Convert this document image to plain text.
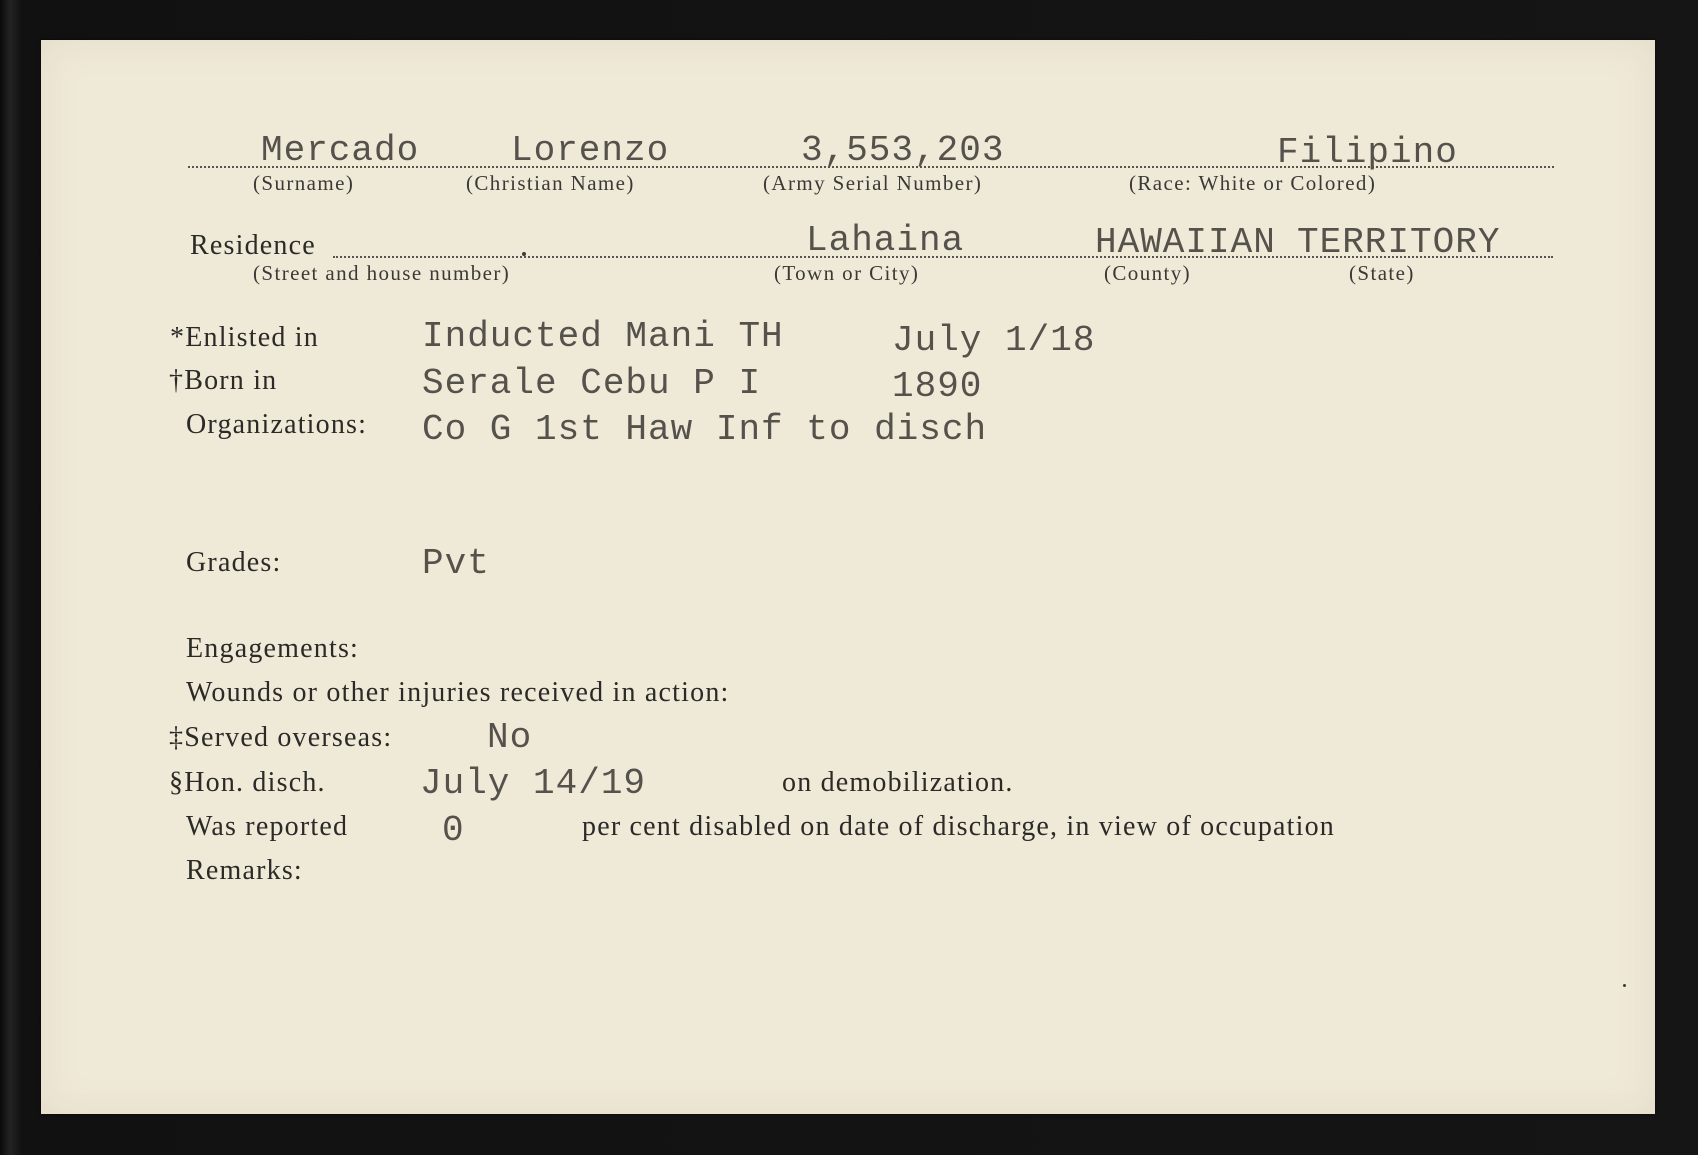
Mercado	Lorenzo	3,553,203	Filipino
(Surname)	(Christian Name)	(Army Serial Number)	(Race: White or Colored)
Residence	Lahaina	HAWAIIAN TERRITORY
(Street and house number)	(Town or City)	(County)	(State)
*Enlisted in	Inducted Mani TH	July 1/18
†Born in	Serale Cebu P I	1890
Organizations: Co G 1st Haw Inf to disch
Grades:	Pvt
Engagements:
Wounds or other injuries received in action:
‡Served overseas:	No
§Hon. disch.	July 14/19	on demobilization.
Was reported	0	per cent disabled on date of discharge, in view of occupation
Remarks:
